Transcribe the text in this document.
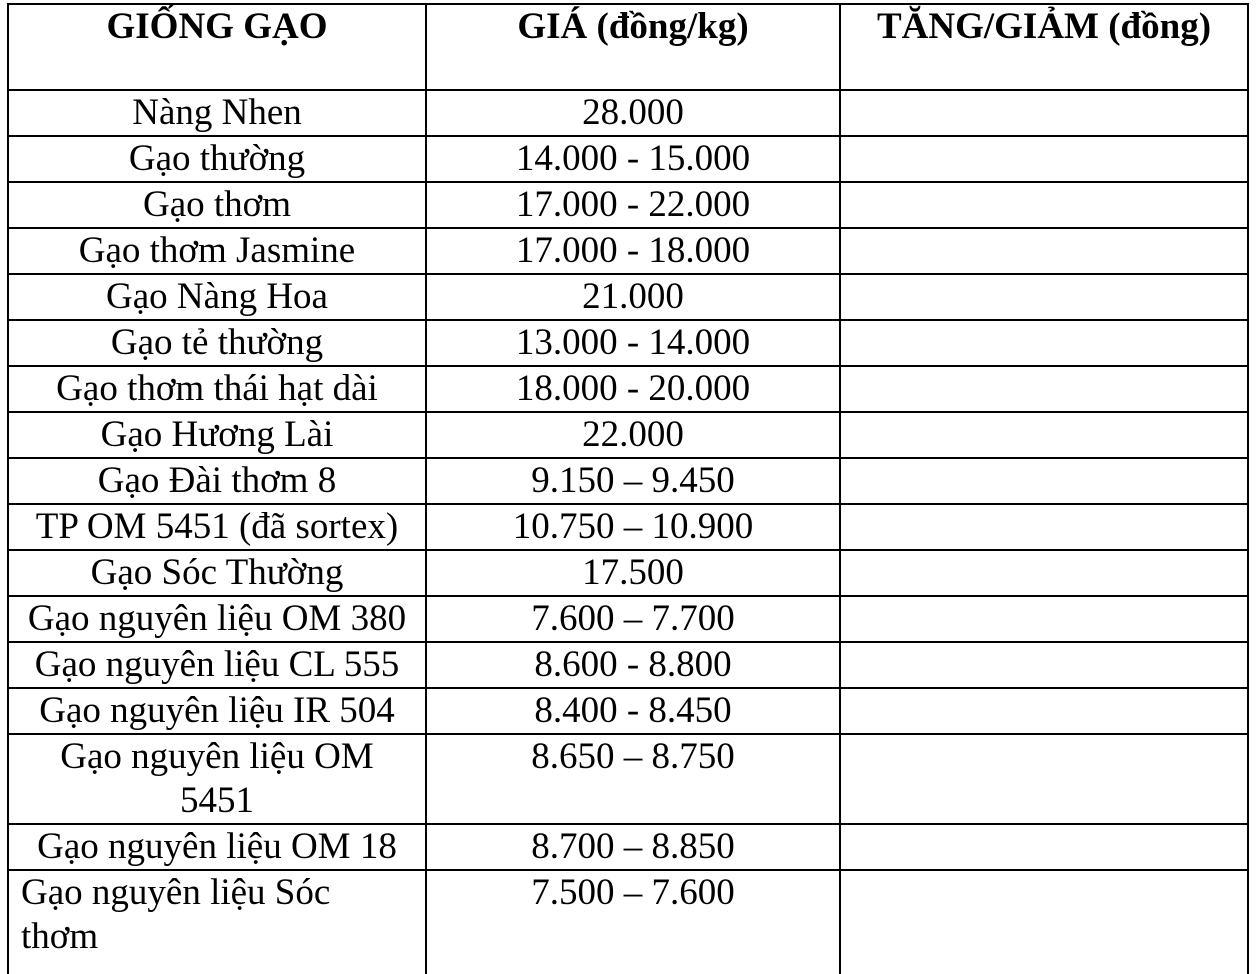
GIỐNG GẠO	GIÁ (đồng/kg)	TĂNG/GIẢM (đồng)
Nàng Nhen	28.000	
Gạo thường	14.000 - 15.000	
Gạo thơm	17.000 - 22.000	
Gạo thơm Jasmine	17.000 - 18.000	
Gạo Nàng Hoa	21.000	
Gạo tẻ thường	13.000 - 14.000	
Gạo thơm thái hạt dài	18.000 - 20.000	
Gạo Hương Lài	22.000	
Gạo Đài thơm 8	9.150 – 9.450	
TP OM 5451 (đã sortex)	10.750 – 10.900	
Gạo Sóc Thường	17.500	
Gạo nguyên liệu OM 380	7.600 – 7.700	
Gạo nguyên liệu CL 555	8.600 - 8.800	
Gạo nguyên liệu IR 504	8.400 - 8.450	
Gạo nguyên liệu OM 5451	8.650 – 8.750	
Gạo nguyên liệu OM 18	8.700 – 8.850	
Gạo nguyên liệu Sóc thơm	7.500 – 7.600	
